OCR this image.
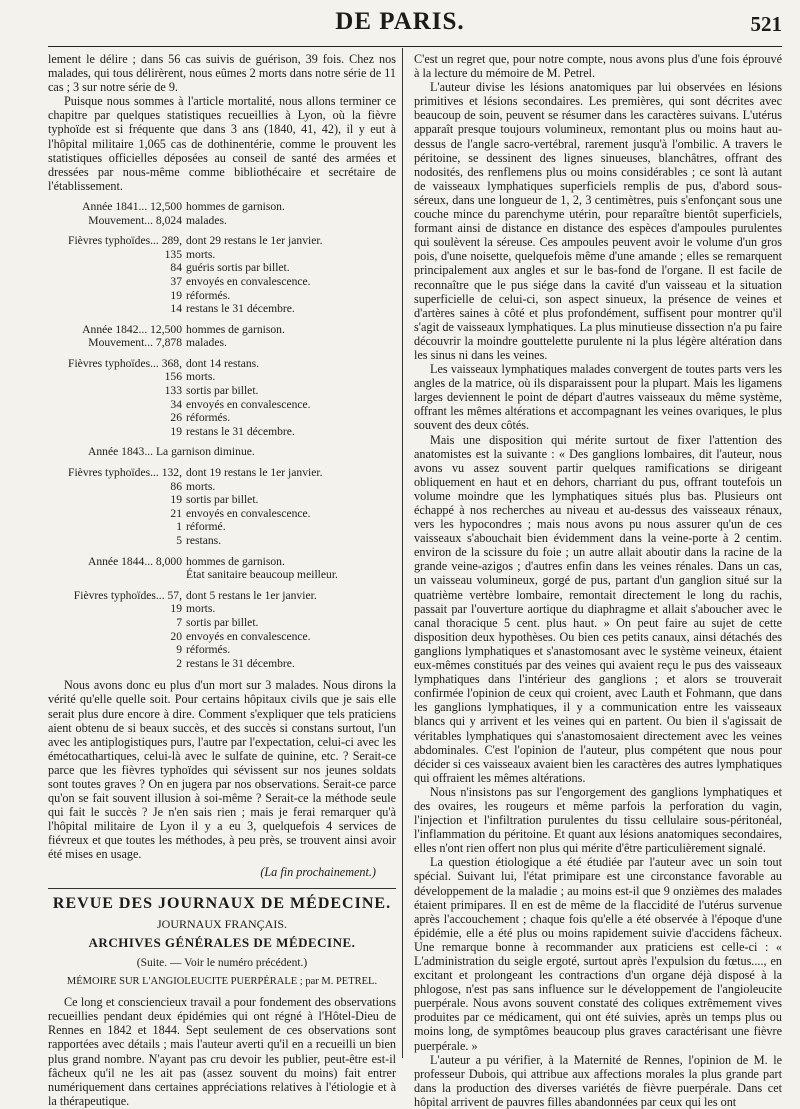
DE PARIS.	521

lement le délire ; dans 56 cas suivis de guérison, 39 fois. Chez nos malades, qui tous délirèrent, nous eûmes 2 morts dans notre série de 11 cas ; 3 sur notre série de 9.

Puisque nous sommes à l'article mortalité, nous allons terminer ce chapitre par quelques statistiques recueillies à Lyon, où la fièvre typhoïde est si fréquente que dans 3 ans (1840, 41, 42), il y eut à l'hôpital militaire 1,065 cas de dothinentérie, comme le prouvent les statistiques officielles déposées au conseil de santé des armées et dressées par nous-même comme bibliothécaire et secrétaire de l'établissement.

Année 1841... 12,500 hommes de garnison.
Mouvement... 8,024 malades.
Fièvres typhoïdes... 289, dont 29 restans le 1er janvier.
135 morts.
84 guéris sortis par billet.
37 envoyés en convalescence.
19 réformés.
14 restans le 31 décembre.
Année 1842... 12,500 hommes de garnison.
Mouvement... 7,878 malades.
Fièvres typhoïdes... 368, dont 14 restans.
156 morts.
133 sortis par billet.
34 envoyés en convalescence.
26 réformés.
19 restans le 31 décembre.
Année 1843... La garnison diminue.
Fièvres typhoïdes... 132, dont 19 restans le 1er janvier.
86 morts.
19 sortis par billet.
21 envoyés en convalescence.
1 réformé.
5 restans.
Année 1844... 8,000 hommes de garnison.
État sanitaire beaucoup meilleur.
Fièvres typhoïdes... 57, dont 5 restans le 1er janvier.
19 morts.
7 sortis par billet.
20 envoyés en convalescence.
9 réformés.
2 restans le 31 décembre.

Nous avons donc eu plus d'un mort sur 3 malades. Nous dirons la vérité qu'elle quelle soit. Pour certains hôpitaux civils que je sais elle serait plus dure encore à dire. Comment s'expliquer que tels praticiens aient obtenu de si beaux succès, et des succès si constans surtout, l'un avec les antiplogistiques purs, l'autre par l'expectation, celui-ci avec les émétocathartiques, celui-là avec le sulfate de quinine, etc. ? Serait-ce parce que les fièvres typhoïdes qui sévissent sur nos jeunes soldats sont toutes graves ? On en jugera par nos observations. Serait-ce parce qu'on se fait souvent illusion à soi-même ? Serait-ce la méthode seule qui fait le succès ? Je n'en sais rien ; mais je ferai remarquer qu'à l'hôpital militaire de Lyon il y a eu 3, quelquefois 4 services de fiévreux et que toutes les méthodes, à peu près, se trouvent ainsi avoir été mises en usage.

(La fin prochainement.)
REVUE DES JOURNAUX DE MÉDECINE.
JOURNAUX FRANÇAIS.
ARCHIVES GÉNÉRALES DE MÉDECINE.
(Suite. — Voir le numéro précédent.)
MÉMOIRE SUR L'ANGIOLEUCITE PUERPÉRALE ; par M. PETREL.

Ce long et consciencieux travail a pour fondement des observations recueillies pendant deux épidémies qui ont régné à l'Hôtel-Dieu de Rennes en 1842 et 1844. Sept seulement de ces observations sont rapportées avec détails ; mais l'auteur averti qu'il en a recueilli un bien plus grand nombre. N'ayant pas cru devoir les publier, peut-être est-il fâcheux qu'il ne les ait pas (assez souvent du moins) fait entrer numériquement dans certaines appréciations relatives à l'étiologie et à la thérapeutique.

C'est un regret que, pour notre compte, nous avons plus d'une fois éprouvé à la lecture du mémoire de M. Petrel.

L'auteur divise les lésions anatomiques par lui observées en lésions primitives et lésions secondaires. Les premières, qui sont décrites avec beaucoup de soin, peuvent se résumer dans les caractères suivans. L'utérus apparaît presque toujours volumineux, remontant plus ou moins haut au-dessus de l'angle sacro-vertébral, rarement jusqu'à l'ombilic. A travers le péritoine, se dessinent des lignes sinueuses, blanchâtres, offrant des nodosités, des renflemens plus ou moins considérables ; ce sont là autant de vaisseaux lymphatiques superficiels remplis de pus, d'abord sous-séreux, dans une longueur de 1, 2, 3 centimètres, puis s'enfonçant sous une couche mince du parenchyme utérin, pour reparaître bientôt superficiels, formant ainsi de distance en distance des espèces d'ampoules purulentes qui soulèvent la séreuse. Ces ampoules peuvent avoir le volume d'un gros pois, d'une noisette, quelquefois même d'une amande ; elles se remarquent principalement aux angles et sur le bas-fond de l'organe. Il est facile de reconnaître que le pus siége dans la cavité d'un vaisseau et la situation superficielle de celui-ci, son aspect sinueux, la présence de veines et d'artères saines à côté et plus profondément, suffisent pour montrer qu'il s'agit de vaisseaux lymphatiques. La plus minutieuse dissection n'a pu faire découvrir la moindre gouttelette purulente ni la plus légère altération dans les sinus ni dans les veines.

Les vaisseaux lymphatiques malades convergent de toutes parts vers les angles de la matrice, où ils disparaissent pour la plupart. Mais les ligamens larges deviennent le point de départ d'autres vaisseaux du même système, offrant les mêmes altérations et accompagnant les veines ovariques, le plus souvent des deux côtés.

Mais une disposition qui mérite surtout de fixer l'attention des anatomistes est la suivante : « Des ganglions lombaires, dit l'auteur, nous avons vu assez souvent partir quelques ramifications se dirigeant obliquement en haut et en dehors, charriant du pus, offrant toutefois un volume moindre que les lymphatiques situés plus bas. Plusieurs ont échappé à nos recherches au niveau et au-dessus des vaisseaux rénaux, vers les hypocondres ; mais nous avons pu nous assurer qu'un de ces vaisseaux s'abouchait bien évidemment dans la veine-porte à 2 centim. environ de la scissure du foie ; un autre allait aboutir dans la racine de la grande veine-azigos ; d'autres enfin dans les veines rénales. Dans un cas, un vaisseau volumineux, gorgé de pus, partant d'un ganglion situé sur la quatrième vertèbre lombaire, remontait directement le long du rachis, passait par l'ouverture aortique du diaphragme et allait s'aboucher avec le canal thoracique 5 cent. plus haut. » On peut faire au sujet de cette disposition deux hypothèses. Ou bien ces petits canaux, ainsi détachés des ganglions lymphatiques et s'anastomosant avec le système veineux, étaient eux-mêmes constitués par des veines qui avaient reçu le pus des vaisseaux lymphatiques dans l'intérieur des ganglions ; et alors se trouverait confirmée l'opinion de ceux qui croient, avec Lauth et Fohmann, que dans les ganglions lymphatiques, il y a communication entre les vaisseaux blancs qui y arrivent et les veines qui en partent. Ou bien il s'agissait de véritables lymphatiques qui s'anastomosaient directement avec les veines abdominales. C'est l'opinion de l'auteur, plus compétent que nous pour décider si ces vaisseaux avaient bien les caractères des autres lymphatiques qui offraient les mêmes altérations.

Nous n'insistons pas sur l'engorgement des ganglions lymphatiques et des ovaires, les rougeurs et même parfois la perforation du vagin, l'injection et l'infiltration purulentes du tissu cellulaire sous-péritonéal, l'inflammation du péritoine. Et quant aux lésions anatomiques secondaires, elles n'ont rien offert non plus qui mérite d'être particulièrement signalé.

La question étiologique a été étudiée par l'auteur avec un soin tout spécial. Suivant lui, l'état primipare est une circonstance favorable au développement de la maladie ; au moins est-il que 9 onzièmes des malades étaient primipares. Il en est de même de la flaccidité de l'utérus survenue après l'accouchement ; chaque fois qu'elle a été observée à l'époque d'une épidémie, elle a été plus ou moins rapidement suivie d'accidens fâcheux. Une remarque bonne à recommander aux praticiens est celle-ci : « L'administration du seigle ergoté, surtout après l'expulsion du fœtus...., en excitant et prolongeant les contractions d'un organe déjà disposé à la phlogose, n'est pas sans influence sur le développement de l'angioleucite puerpérale. Nous avons souvent constaté des coliques extrêmement vives produites par ce médicament, qui ont été suivies, après un temps plus ou moins long, de symptômes beaucoup plus graves caractérisant une fièvre puerpérale. »

L'auteur a pu vérifier, à la Maternité de Rennes, l'opinion de M. le professeur Dubois, qui attribue aux affections morales la plus grande part dans la production des diverses variétés de fièvre puerpérale. Dans cet hôpital arrivent de pauvres filles abandonnées par ceux qui les ont
